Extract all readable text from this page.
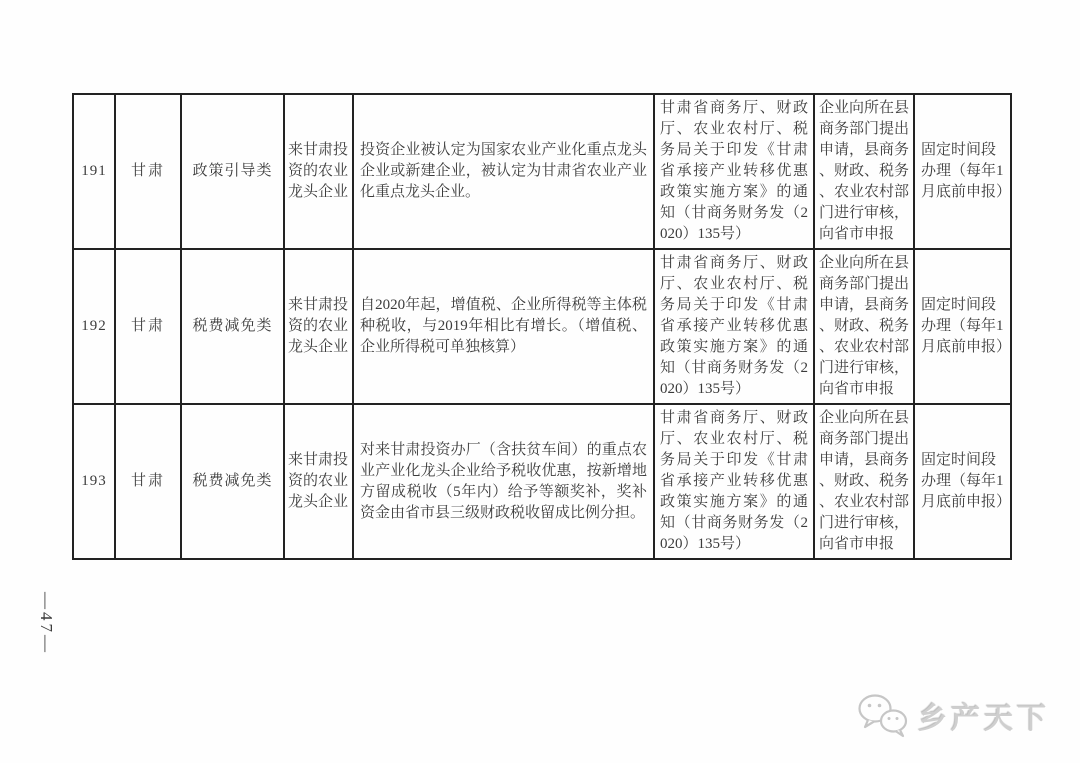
191	甘肃	政策引导类	来甘肃投资的农业龙头企业	投资企业被认定为国家农业产业化重点龙头企业或新建企业，被认定为甘肃省农业产业化重点龙头企业。	甘肃省商务厅、财政厅、农业农村厅、税务局关于印发《甘肃省承接产业转移优惠政策实施方案》的通知（甘商务财务发（2020）135号）	企业向所在县商务部门提出申请，县商务、财政、税务、农业农村部门进行审核，向省市申报	固定时间段办理（每年1月底前申报）
192	甘肃	税费减免类	来甘肃投资的农业龙头企业	自2020年起，增值税、企业所得税等主体税种税收，与2019年相比有增长。（增值税、企业所得税可单独核算）	甘肃省商务厅、财政厅、农业农村厅、税务局关于印发《甘肃省承接产业转移优惠政策实施方案》的通知（甘商务财务发（2020）135号）	企业向所在县商务部门提出申请，县商务、财政、税务、农业农村部门进行审核，向省市申报	固定时间段办理（每年1月底前申报）
193	甘肃	税费减免类	来甘肃投资的农业龙头企业	对来甘肃投资办厂（含扶贫车间）的重点农业产业化龙头企业给予税收优惠，按新增地方留成税收（5年内）给予等额奖补，奖补资金由省市县三级财政税收留成比例分担。	甘肃省商务厅、财政厅、农业农村厅、税务局关于印发《甘肃省承接产业转移优惠政策实施方案》的通知（甘商务财务发（2020）135号）	企业向所在县商务部门提出申请，县商务、财政、税务、农业农村部门进行审核，向省市申报	固定时间段办理（每年1月底前申报）
—47—
乡产天下
